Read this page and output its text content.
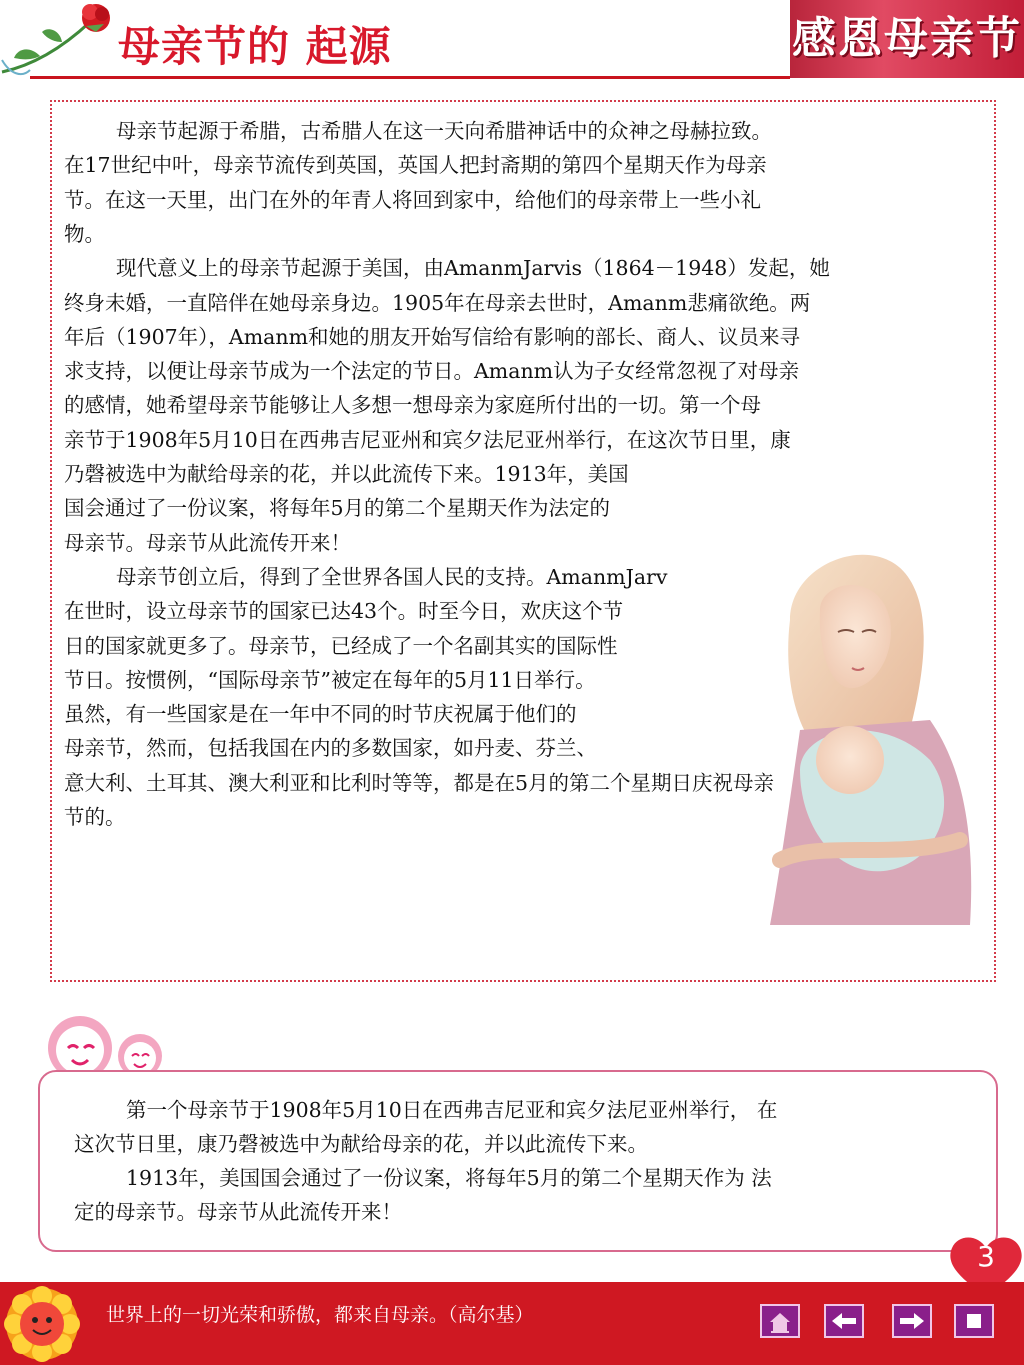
母亲节的 起源	感恩母亲节
母亲节起源于希腊，古希腊人在这一天向希腊神话中的众神之母赫拉致。
在17世纪中叶，母亲节流传到英国，英国人把封斋期的第四个星期天作为母亲
节。在这一天里，出门在外的年青人将回到家中，给他们的母亲带上一些小礼
物。
现代意义上的母亲节起源于美国，由AmanmJarvis（1864－1948）发起，她
终身未婚，一直陪伴在她母亲身边。1905年在母亲去世时，Amanm悲痛欲绝。两
年后（1907年），Amanm和她的朋友开始写信给有影响的部长、商人、议员来寻
求支持，以便让母亲节成为一个法定的节日。Amanm认为子女经常忽视了对母亲
的感情，她希望母亲节能够让人多想一想母亲为家庭所付出的一切。第一个母
亲节于1908年5月10日在西弗吉尼亚州和宾夕法尼亚州举行，在这次节日里，康
乃磬被选中为献给母亲的花，并以此流传下来。1913年，美国
国会通过了一份议案，将每年5月的第二个星期天作为法定的
母亲节。母亲节从此流传开来！
母亲节创立后，得到了全世界各国人民的支持。AmanmJarv
在世时，设立母亲节的国家已达43个。时至今日，欢庆这个节
日的国家就更多了。母亲节，已经成了一个名副其实的国际性
节日。按惯例，“国际母亲节”被定在每年的5月11日举行。
虽然，有一些国家是在一年中不同的时节庆祝属于他们的
母亲节，然而，包括我国在内的多数国家，如丹麦、芬兰、
意大利、土耳其、澳大利亚和比利时等等，都是在5月的第二个星期日庆祝母亲
节的。
第一个母亲节于1908年5月10日在西弗吉尼亚和宾夕法尼亚州举行， 在
这次节日里，康乃磬被选中为献给母亲的花，并以此流传下来。
1913年，美国国会通过了一份议案，将每年5月的第二个星期天作为 法
定的母亲节。母亲节从此流传开来！
3
世界上的一切光荣和骄傲，都来自母亲。（高尔基）
